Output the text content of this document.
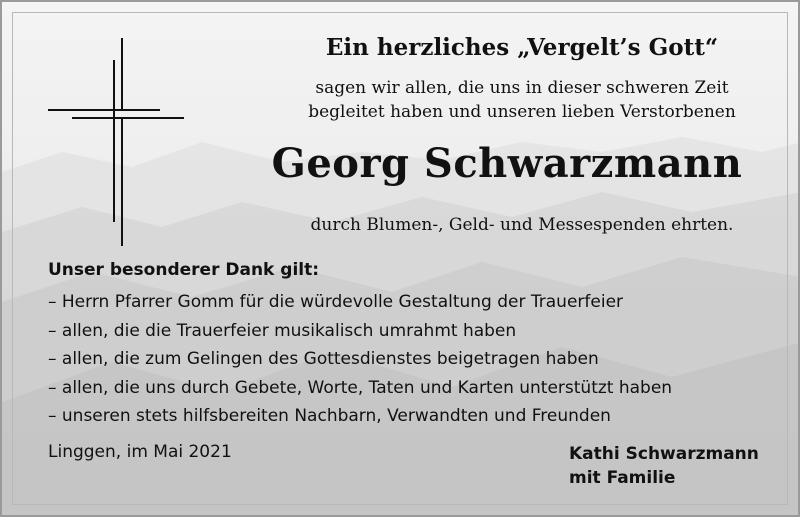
Ein herzliches „Vergelt’s Gott“
sagen wir allen, die uns in dieser schweren Zeit
begleitet haben und unseren lieben Verstorbenen
Georg Schwarzmann
durch Blumen-, Geld- und Messespenden ehrten.
Unser besonderer Dank gilt:
– Herrn Pfarrer Gomm für die würdevolle Gestaltung der Trauerfeier
– allen, die die Trauerfeier musikalisch umrahmt haben
– allen, die zum Gelingen des Gottesdienstes beigetragen haben
– allen, die uns durch Gebete, Worte, Taten und Karten unterstützt haben
– unseren stets hilfsbereiten Nachbarn, Verwandten und Freunden
Linggen, im Mai 2021	Kathi Schwarzmann
mit Familie
